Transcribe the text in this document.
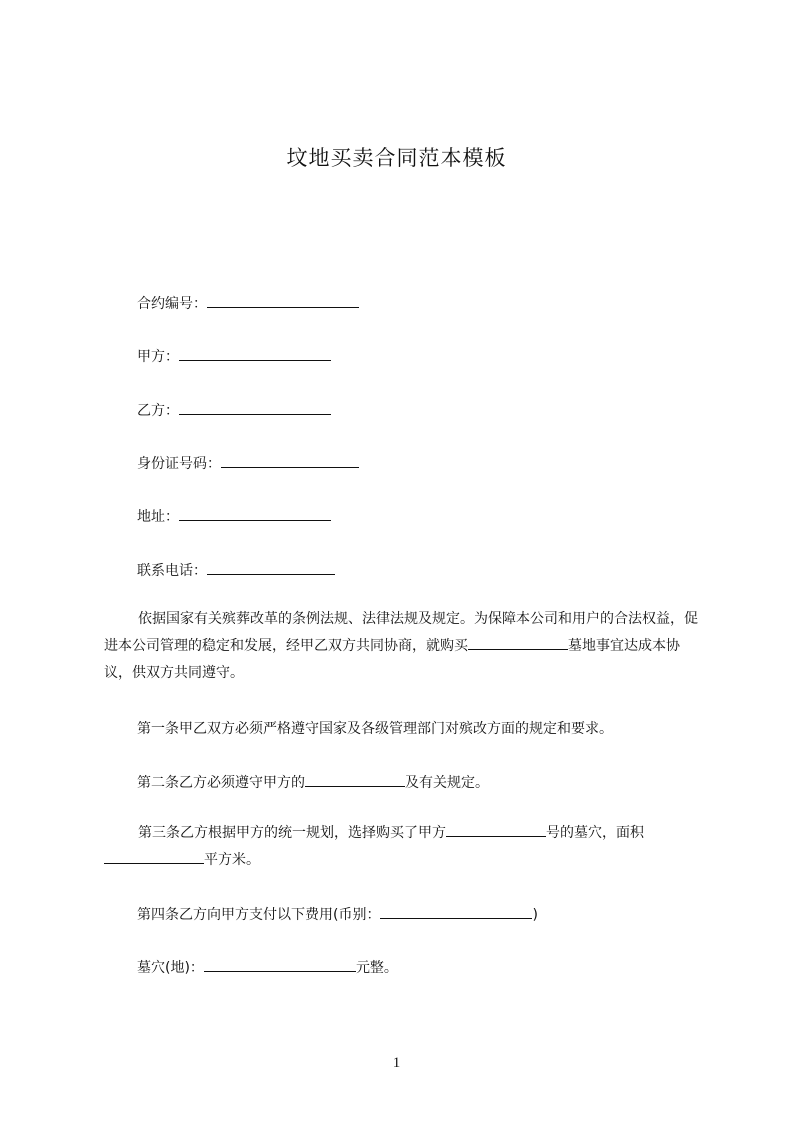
坟地买卖合同范本模板
合约编号：
甲方：
乙方：
身份证号码：
地址：
联系电话：
依据国家有关殡葬改革的条例法规、法律法规及规定。为保障本公司和用户的合法权益，促进本公司管理的稳定和发展，经甲乙双方共同协商，就购买	墓地事宜达成本协议，供双方共同遵守。
第一条甲乙双方必须严格遵守国家及各级管理部门对殡改方面的规定和要求。
第二条乙方必须遵守甲方的	及有关规定。
第三条乙方根据甲方的统一规划，选择购买了甲方	号的墓穴，面积平方米。
第四条乙方向甲方支付以下费用(币别：	)
墓穴(地)：	元整。
1
